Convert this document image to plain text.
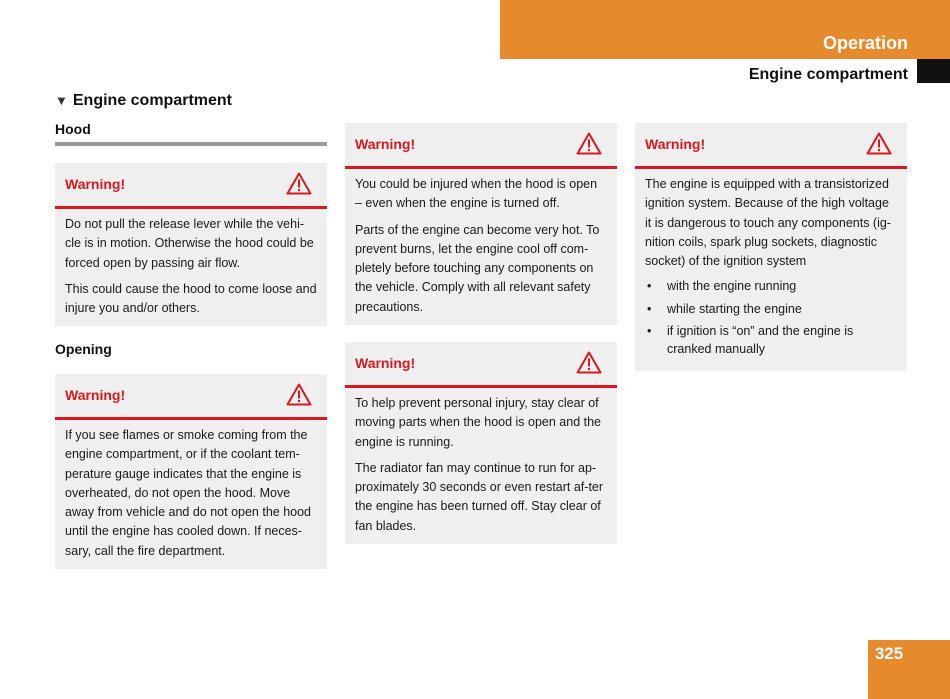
Operation
Engine compartment
▼ Engine compartment
Hood
Warning!

Do not pull the release lever while the vehi-cle is in motion. Otherwise the hood could be forced open by passing air flow.

This could cause the hood to come loose and injure you and/or others.

Opening
Warning!

If you see flames or smoke coming from the engine compartment, or if the coolant tem-perature gauge indicates that the engine is overheated, do not open the hood. Move away from vehicle and do not open the hood until the engine has cooled down. If neces-sary, call the fire department.

Warning!

You could be injured when the hood is open – even when the engine is turned off.

Parts of the engine can become very hot. To prevent burns, let the engine cool off com-pletely before touching any components on the vehicle. Comply with all relevant safety precautions.

Warning!

To help prevent personal injury, stay clear of moving parts when the hood is open and the engine is running.

The radiator fan may continue to run for ap-proximately 30 seconds or even restart af-ter the engine has been turned off. Stay clear of fan blades.

Warning!

The engine is equipped with a transistorized ignition system. Because of the high voltage it is dangerous to touch any components (ig-nition coils, spark plug sockets, diagnostic socket) of the ignition system

• with the engine running
• while starting the engine
• if ignition is “on” and the engine is cranked manually
325
